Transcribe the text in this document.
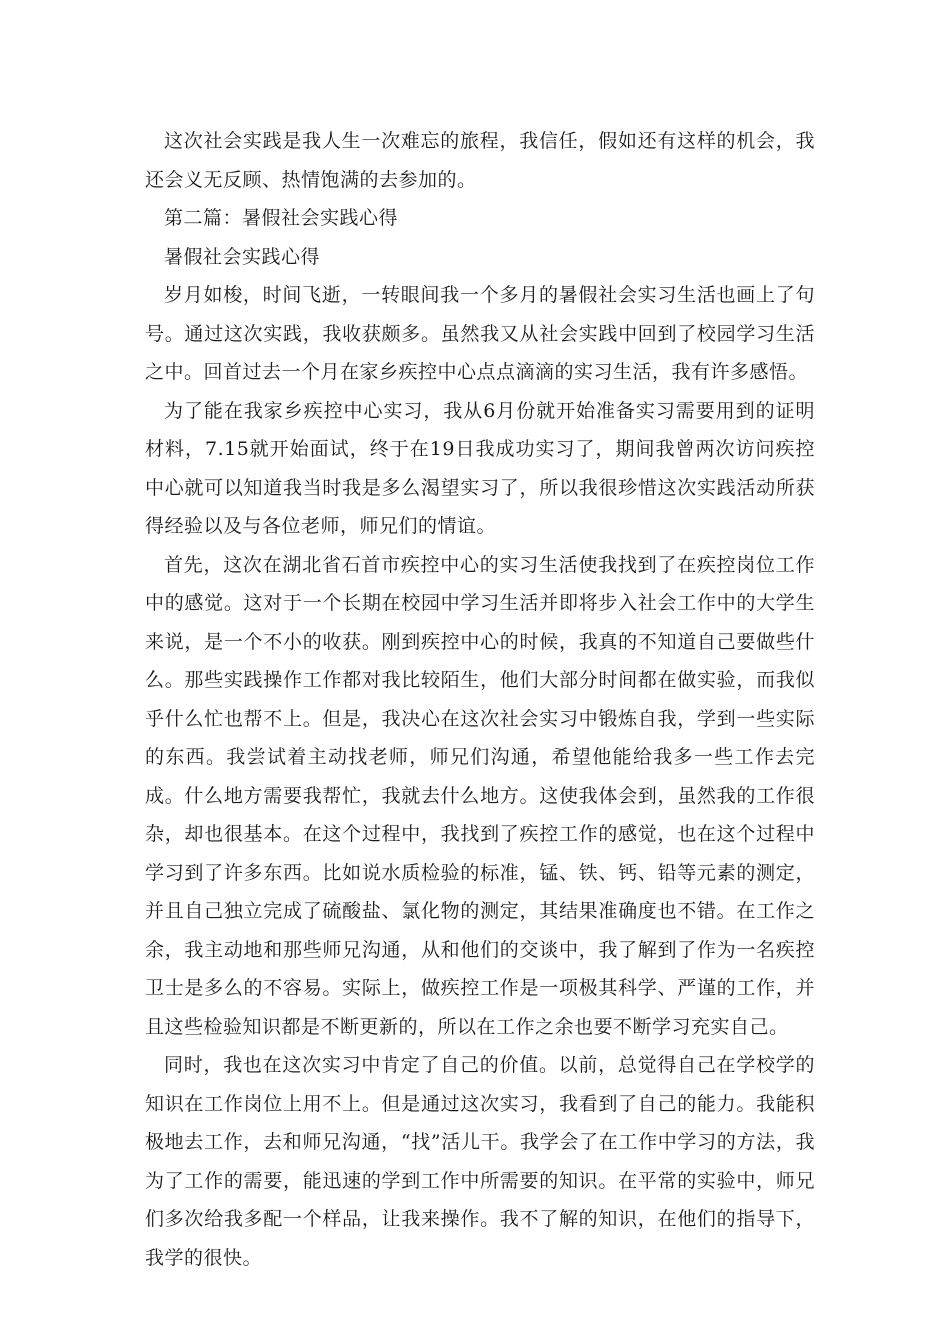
这次社会实践是我人生一次难忘的旅程，我信任，假如还有这样的机会，我还会义无反顾、热情饱满的去参加的。

第二篇：暑假社会实践心得

暑假社会实践心得

岁月如梭，时间飞逝，一转眼间我一个多月的暑假社会实习生活也画上了句号。通过这次实践，我收获颇多。虽然我又从社会实践中回到了校园学习生活之中。回首过去一个月在家乡疾控中心点点滴滴的实习生活，我有许多感悟。

为了能在我家乡疾控中心实习，我从6月份就开始准备实习需要用到的证明材料，7.15就开始面试，终于在19日我成功实习了，期间我曾两次访问疾控中心就可以知道我当时我是多么渴望实习了，所以我很珍惜这次实践活动所获得经验以及与各位老师，师兄们的情谊。

首先，这次在湖北省石首市疾控中心的实习生活使我找到了在疾控岗位工作中的感觉。这对于一个长期在校园中学习生活并即将步入社会工作中的大学生来说，是一个不小的收获。刚到疾控中心的时候，我真的不知道自己要做些什么。那些实践操作工作都对我比较陌生，他们大部分时间都在做实验，而我似乎什么忙也帮不上。但是，我决心在这次社会实习中锻炼自我，学到一些实际的东西。我尝试着主动找老师，师兄们沟通，希望他能给我多一些工作去完成。什么地方需要我帮忙，我就去什么地方。这使我体会到，虽然我的工作很杂，却也很基本。在这个过程中，我找到了疾控工作的感觉，也在这个过程中学习到了许多东西。比如说水质检验的标准，锰、铁、钙、铅等元素的测定，并且自己独立完成了硫酸盐、氯化物的测定，其结果准确度也不错。在工作之余，我主动地和那些师兄沟通，从和他们的交谈中，我了解到了作为一名疾控卫士是多么的不容易。实际上，做疾控工作是一项极其科学、严谨的工作，并且这些检验知识都是不断更新的，所以在工作之余也要不断学习充实自己。

同时，我也在这次实习中肯定了自己的价值。以前，总觉得自己在学校学的知识在工作岗位上用不上。但是通过这次实习，我看到了自己的能力。我能积极地去工作，去和师兄沟通，“找”活儿干。我学会了在工作中学习的方法，我为了工作的需要，能迅速的学到工作中所需要的知识。在平常的实验中，师兄们多次给我多配一个样品，让我来操作。我不了解的知识，在他们的指导下，我学的很快。
